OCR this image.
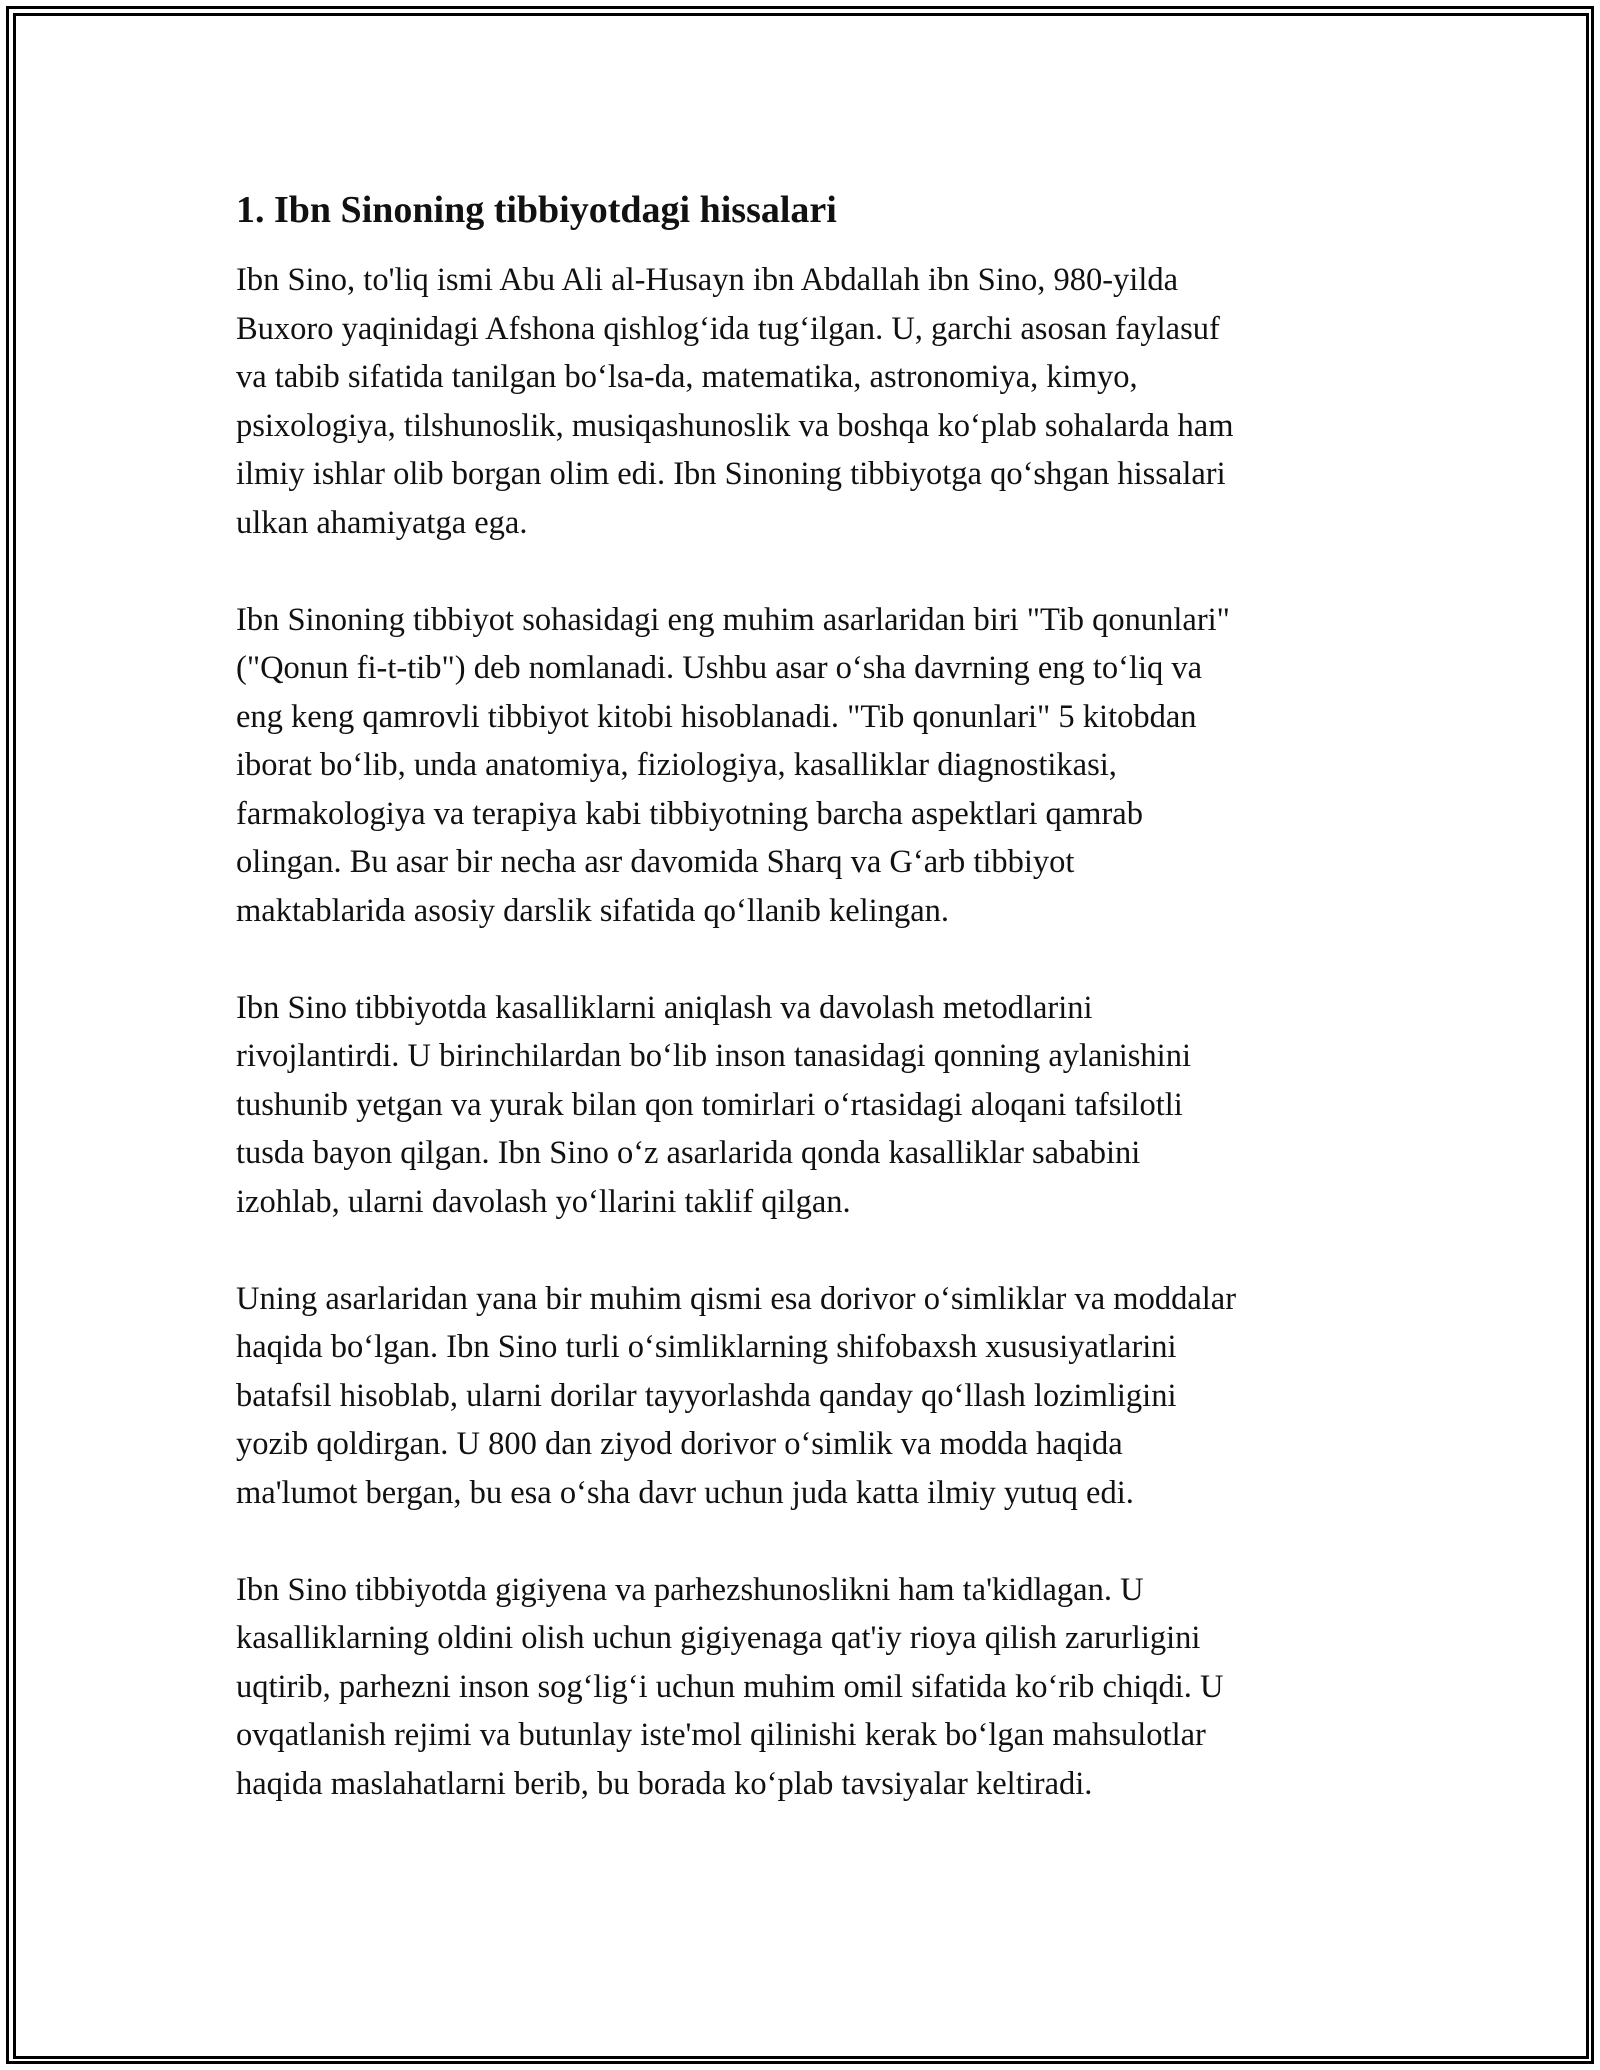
1. Ibn Sinoning tibbiyotdagi hissalari

Ibn Sino, to'liq ismi Abu Ali al-Husayn ibn Abdallah ibn Sino, 980-yilda
Buxoro yaqinidagi Afshona qishlog‘ida tug‘ilgan. U, garchi asosan faylasuf
va tabib sifatida tanilgan bo‘lsa-da, matematika, astronomiya, kimyo,
psixologiya, tilshunoslik, musiqashunoslik va boshqa ko‘plab sohalarda ham
ilmiy ishlar olib borgan olim edi. Ibn Sinoning tibbiyotga qo‘shgan hissalari
ulkan ahamiyatga ega.

Ibn Sinoning tibbiyot sohasidagi eng muhim asarlaridan biri "Tib qonunlari"
("Qonun fi-t-tib") deb nomlanadi. Ushbu asar o‘sha davrning eng to‘liq va
eng keng qamrovli tibbiyot kitobi hisoblanadi. "Tib qonunlari" 5 kitobdan
iborat bo‘lib, unda anatomiya, fiziologiya, kasalliklar diagnostikasi,
farmakologiya va terapiya kabi tibbiyotning barcha aspektlari qamrab
olingan. Bu asar bir necha asr davomida Sharq va G‘arb tibbiyot
maktablarida asosiy darslik sifatida qo‘llanib kelingan.

Ibn Sino tibbiyotda kasalliklarni aniqlash va davolash metodlarini
rivojlantirdi. U birinchilardan bo‘lib inson tanasidagi qonning aylanishini
tushunib yetgan va yurak bilan qon tomirlari o‘rtasidagi aloqani tafsilotli
tusda bayon qilgan. Ibn Sino o‘z asarlarida qonda kasalliklar sababini
izohlab, ularni davolash yo‘llarini taklif qilgan.

Uning asarlaridan yana bir muhim qismi esa dorivor o‘simliklar va moddalar
haqida bo‘lgan. Ibn Sino turli o‘simliklarning shifobaxsh xususiyatlarini
batafsil hisoblab, ularni dorilar tayyorlashda qanday qo‘llash lozimligini
yozib qoldirgan. U 800 dan ziyod dorivor o‘simlik va modda haqida
ma'lumot bergan, bu esa o‘sha davr uchun juda katta ilmiy yutuq edi.

Ibn Sino tibbiyotda gigiyena va parhezshunoslikni ham ta'kidlagan. U
kasalliklarning oldini olish uchun gigiyenaga qat'iy rioya qilish zarurligini
uqtirib, parhezni inson sog‘lig‘i uchun muhim omil sifatida ko‘rib chiqdi. U
ovqatlanish rejimi va butunlay iste'mol qilinishi kerak bo‘lgan mahsulotlar
haqida maslahatlarni berib, bu borada ko‘plab tavsiyalar keltiradi.
